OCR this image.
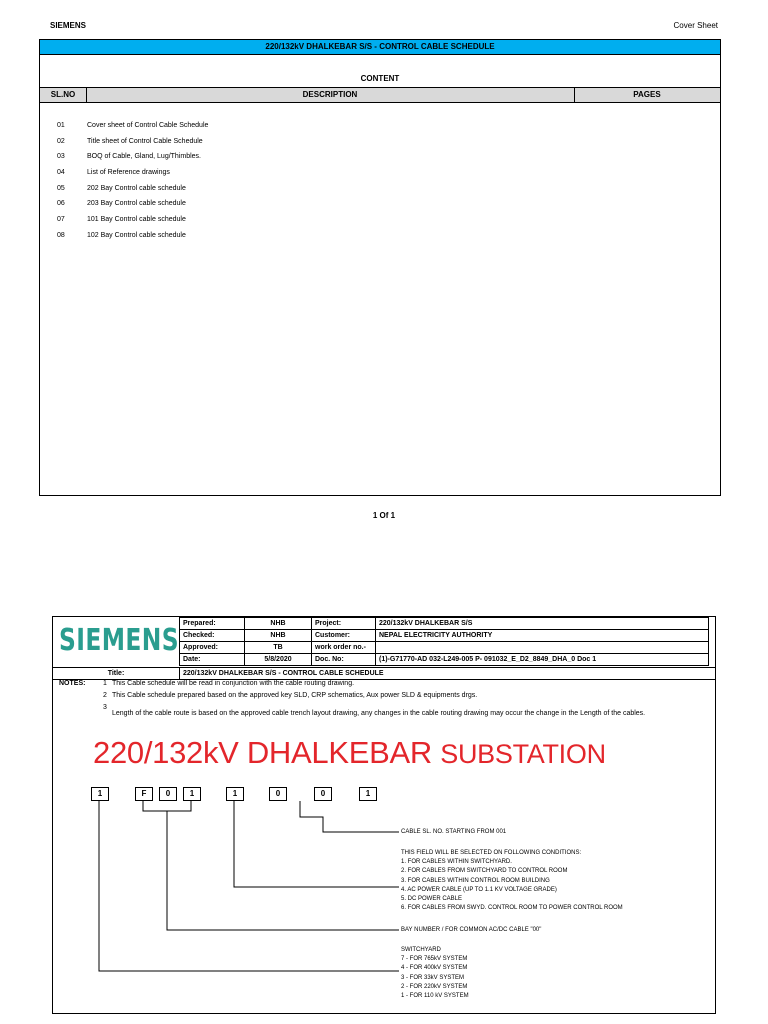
SIEMENS	Cover Sheet
220/132kV DHALKEBAR S/S - CONTROL CABLE SCHEDULE
CONTENT
SL.NO	DESCRIPTION	PAGES
01	Cover sheet of Control Cable Schedule
02	Title sheet of Control Cable Schedule
03	BOQ of Cable, Gland, Lug/Thimbles.
04	List of Reference drawings
05	202 Bay Control cable schedule
06	203 Bay Control cable schedule
07	101 Bay Control cable schedule
08	102 Bay Control cable schedule
1 Of 1
SIEMENS Prepared:	NHB	Project:	220/132kV DHALKEBAR S/S
Checked:	NHB	Customer:	NEPAL ELECTRICITY AUTHORITY
Approved:	TB	work order no.-	
Date:	5/8/2020	Doc. No:	(1)-G71770-AD 032-L249-005 P- 091032_E_D2_8849_DHA_0 Doc 1
Title:	220/132kV DHALKEBAR S/S - CONTROL CABLE SCHEDULE
NOTES:	1 This Cable schedule will be read in conjunction with the cable routing drawing.
2 This Cable schedule prepared based on the approved key SLD, CRP schematics, Aux power SLD & equipments drgs.
3
Length of the cable route is based on the approved cable trench layout drawing, any changes in the cable routing drawing may occur the change in the Length of the cables.
220/132kV DHALKEBAR SUBSTATION
1	F	0	1	1	0	0	1
CABLE SL. NO. STARTING FROM 001
THIS FIELD WILL BE SELECTED ON FOLLOWING CONDITIONS:
1. FOR CABLES WITHIN SWITCHYARD.
2. FOR CABLES FROM SWITCHYARD TO CONTROL ROOM
3. FOR CABLES WITHIN CONTROL ROOM BUILDING
4. AC POWER CABLE (UP TO 1.1 KV VOLTAGE GRADE)
5. DC POWER CABLE
6. FOR CABLES FROM SWYD. CONTROL ROOM TO POWER CONTROL ROOM
BAY NUMBER / FOR COMMON AC/DC CABLE "00"
SWITCHYARD
7 - FOR 765kV SYSTEM
4 - FOR 400kV SYSTEM
3 - FOR 33kV SYSTEM
2 - FOR 220kV SYSTEM
1 - FOR 110 kV SYSTEM
